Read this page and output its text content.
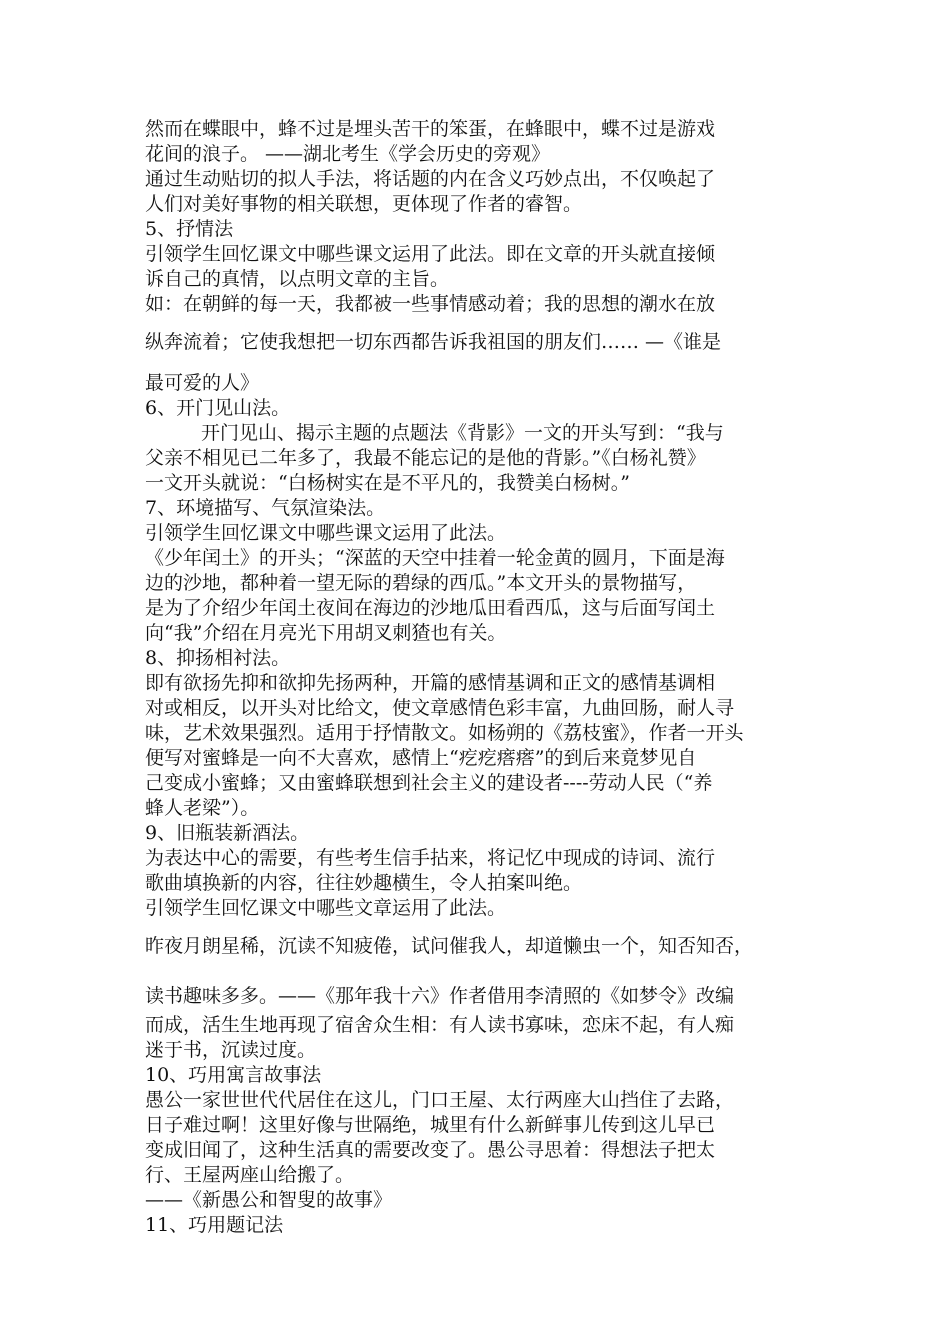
然而在蝶眼中，蜂不过是埋头苦干的笨蛋，在蜂眼中，蝶不过是游戏
花间的浪子。 ——湖北考生《学会历史的旁观》
通过生动贴切的拟人手法，将话题的内在含义巧妙点出，不仅唤起了
人们对美好事物的相关联想，更体现了作者的睿智。
5、抒情法
引领学生回忆课文中哪些课文运用了此法。即在文章的开头就直接倾
诉自己的真情，以点明文章的主旨。
如：在朝鲜的每一天，我都被一些事情感动着；我的思想的潮水在放
纵奔流着；它使我想把一切东西都告诉我祖国的朋友们…… —《谁是
最可爱的人》
6、开门见山法。
开门见山、揭示主题的点题法《背影》一文的开头写到：“我与
父亲不相见已二年多了，我最不能忘记的是他的背影。”《白杨礼赞》
一文开头就说：“白杨树实在是不平凡的，我赞美白杨树。”
7、环境描写、气氛渲染法。
引领学生回忆课文中哪些课文运用了此法。
《少年闰土》的开头；“深蓝的天空中挂着一轮金黄的圆月，下面是海
边的沙地，都种着一望无际的碧绿的西瓜。”本文开头的景物描写，
是为了介绍少年闰土夜间在海边的沙地瓜田看西瓜，这与后面写闰土
向“我”介绍在月亮光下用胡叉刺猹也有关。
8、抑扬相衬法。
即有欲扬先抑和欲抑先扬两种，开篇的感情基调和正文的感情基调相
对或相反，以开头对比给文，使文章感情色彩丰富，九曲回肠，耐人寻
味，艺术效果强烈。适用于抒情散文。如杨朔的《荔枝蜜》，作者一开头
便写对蜜蜂是一向不大喜欢，感情上“疙疙瘩瘩”的到后来竟梦见自
己变成小蜜蜂；又由蜜蜂联想到社会主义的建设者----劳动人民（“养
蜂人老梁”）。
9、旧瓶装新酒法。
为表达中心的需要，有些考生信手拈来，将记忆中现成的诗词、流行
歌曲填换新的内容，往往妙趣横生，令人拍案叫绝。
引领学生回忆课文中哪些文章运用了此法。
昨夜月朗星稀，沉读不知疲倦，试问催我人，却道懒虫一个，知否知否，
读书趣味多多。——《那年我十六》作者借用李清照的《如梦令》改编
而成，活生生地再现了宿舍众生相：有人读书寡味，恋床不起，有人痴
迷于书，沉读过度。
10、巧用寓言故事法
愚公一家世世代代居住在这儿，门口王屋、太行两座大山挡住了去路，
日子难过啊！这里好像与世隔绝，城里有什么新鲜事儿传到这儿早已
变成旧闻了，这种生活真的需要改变了。愚公寻思着：得想法子把太
行、王屋两座山给搬了。
——《新愚公和智叟的故事》
11、巧用题记法
